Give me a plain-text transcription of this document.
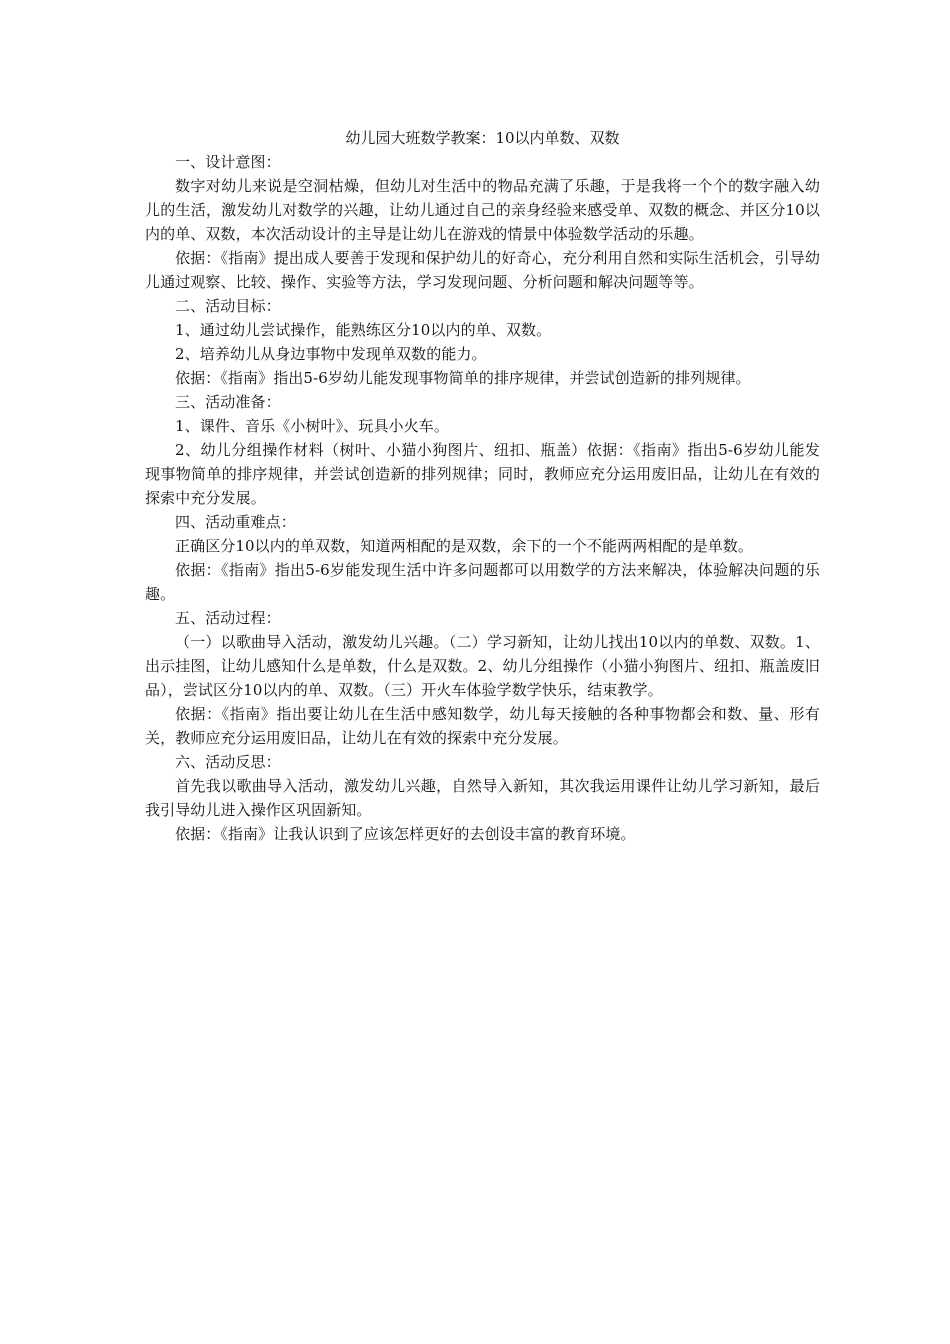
幼儿园大班数学教案：10以内单数、双数

一、设计意图：

数字对幼儿来说是空洞枯燥，但幼儿对生活中的物品充满了乐趣，于是我将一个个的数字融入幼儿的生活，激发幼儿对数学的兴趣，让幼儿通过自己的亲身经验来感受单、双数的概念、并区分10以内的单、双数，本次活动设计的主导是让幼儿在游戏的情景中体验数学活动的乐趣。

依据：《指南》提出成人要善于发现和保护幼儿的好奇心，充分利用自然和实际生活机会，引导幼儿通过观察、比较、操作、实验等方法，学习发现问题、分析问题和解决问题等等。

二、活动目标：

1、通过幼儿尝试操作，能熟练区分10以内的单、双数。

2、培养幼儿从身边事物中发现单双数的能力。

依据：《指南》指出5-6岁幼儿能发现事物简单的排序规律，并尝试创造新的排列规律。

三、活动准备：

1、课件、音乐《小树叶》、玩具小火车。

2、幼儿分组操作材料（树叶、小猫小狗图片、纽扣、瓶盖）依据：《指南》指出5-6岁幼儿能发现事物简单的排序规律，并尝试创造新的排列规律；同时，教师应充分运用废旧品，让幼儿在有效的探索中充分发展。

四、活动重难点：

正确区分10以内的单双数，知道两相配的是双数，余下的一个不能两两相配的是单数。

依据：《指南》指出5-6岁能发现生活中许多问题都可以用数学的方法来解决，体验解决问题的乐趣。

五、活动过程：

（一）以歌曲导入活动，激发幼儿兴趣。（二）学习新知，让幼儿找出10以内的单数、双数。1、出示挂图，让幼儿感知什么是单数，什么是双数。2、幼儿分组操作（小猫小狗图片、纽扣、瓶盖废旧品），尝试区分10以内的单、双数。（三）开火车体验学数学快乐，结束教学。

依据：《指南》指出要让幼儿在生活中感知数学，幼儿每天接触的各种事物都会和数、量、形有关，教师应充分运用废旧品，让幼儿在有效的探索中充分发展。

六、活动反思：

首先我以歌曲导入活动，激发幼儿兴趣，自然导入新知，其次我运用课件让幼儿学习新知，最后我引导幼儿进入操作区巩固新知。

依据：《指南》让我认识到了应该怎样更好的去创设丰富的教育环境。
